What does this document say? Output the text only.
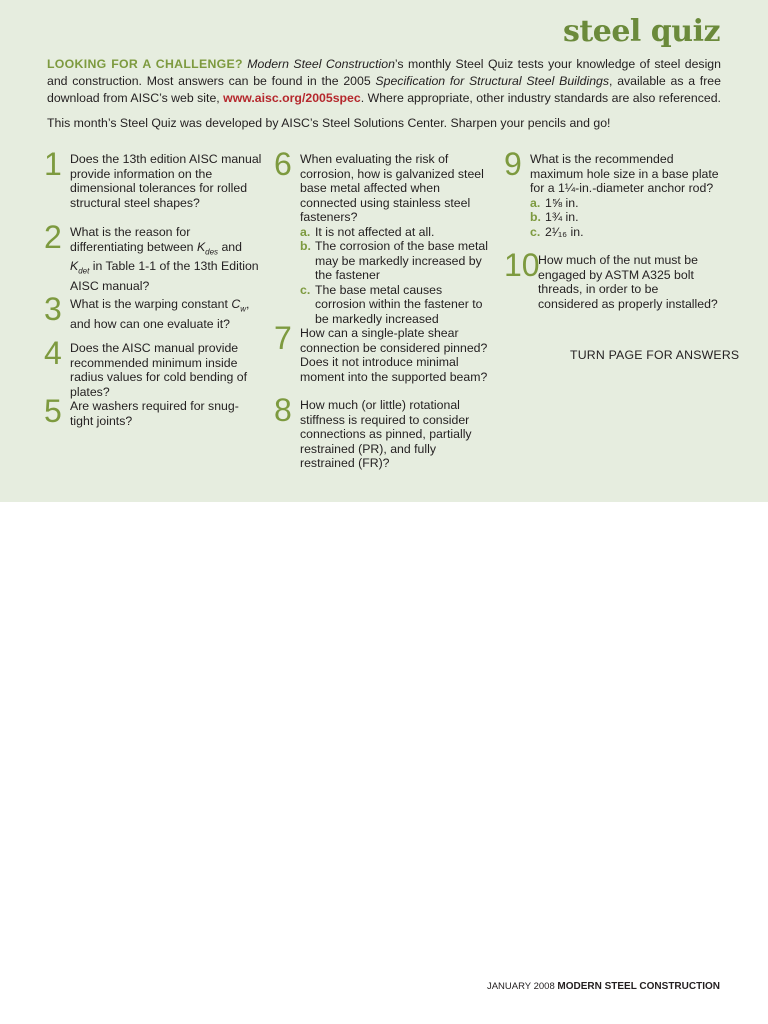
steel quiz
LOOKING FOR A CHALLENGE? Modern Steel Construction’s monthly Steel Quiz tests your knowledge of steel design and construction. Most answers can be found in the 2005 Specification for Structural Steel Buildings, available as a free download from AISC’s web site, www.aisc.org/2005spec. Where appropriate, other industry standards are also referenced.
This month’s Steel Quiz was developed by AISC’s Steel Solutions Center. Sharpen your pencils and go!
1 Does the 13th edition AISC manual provide information on the dimensional tolerances for rolled structural steel shapes?
2 What is the reason for differentiating between $K_{des}$ and $K_{det}$ in Table 1-1 of the 13th Edition AISC manual?
3 What is the warping constant $C_w$, and how can one evaluate it?
4 Does the AISC manual provide recommended minimum inside radius values for cold bending of plates?
5 Are washers required for snug-tight joints?
6 When evaluating the risk of corrosion, how is galvanized steel base metal affected when connected using stainless steel fasteners?
a. It is not affected at all.
b. The corrosion of the base metal may be markedly increased by the fastener
c. The base metal causes corrosion within the fastener to be markedly increased
7 How can a single-plate shear connection be considered pinned? Does it not introduce minimal moment into the supported beam?
8 How much (or little) rotational stiffness is required to consider connections as pinned, partially restrained (PR), and fully restrained (FR)?
9 What is the recommended maximum hole size in a base plate for a 1¼-in.-diameter anchor rod?
a. 1⅝ in.
b. 1¾ in.
c. 2¹⁄₁₆ in.
10
How much of the nut must be engaged by ASTM A325 bolt threads, in order to be considered as properly installed?
TURN PAGE FOR ANSWERS
JANUARY 2008 MODERN STEEL CONSTRUCTION
